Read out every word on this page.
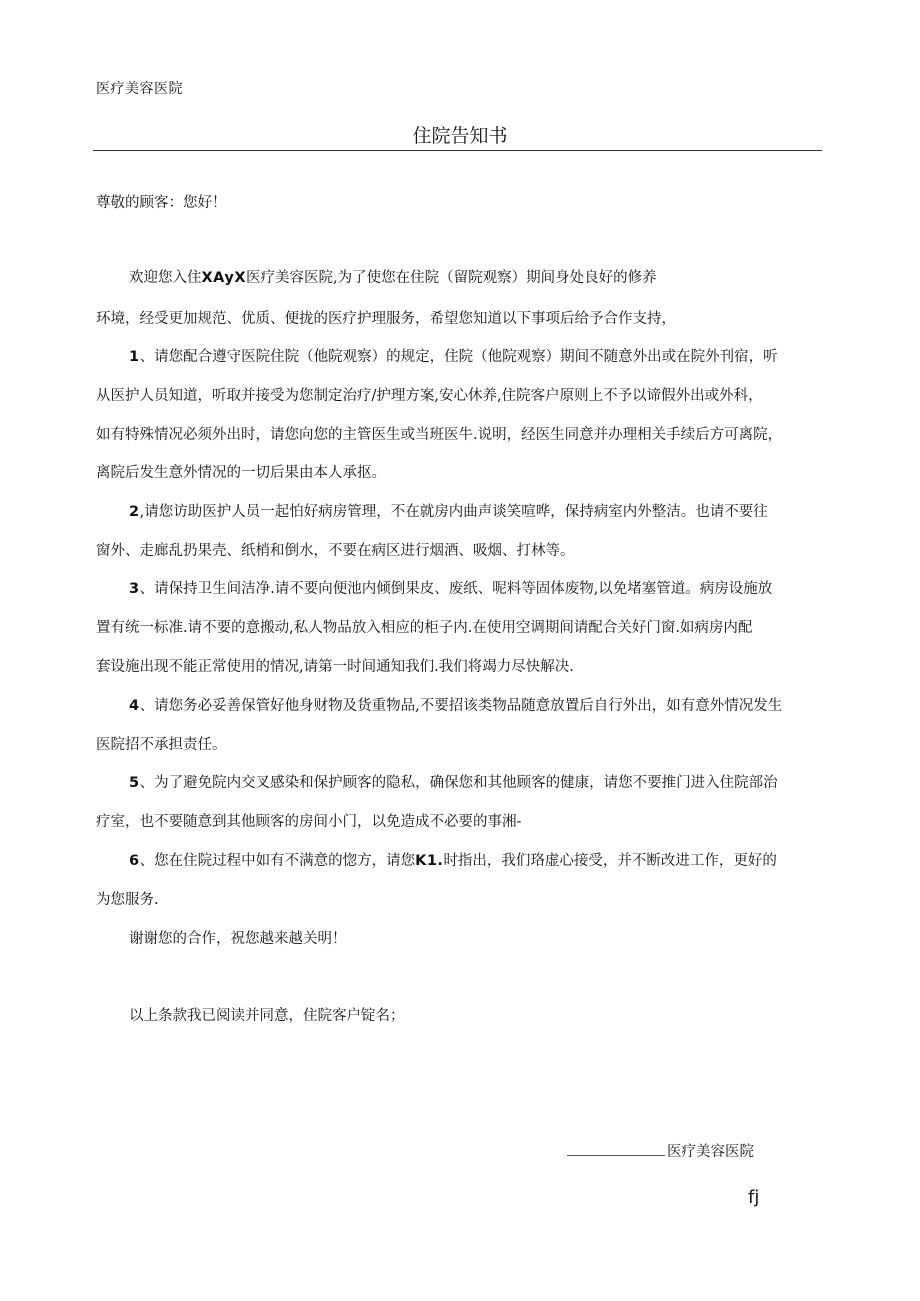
医疗美容医院
住院告知书
尊敬的顾客：您好！
欢迎您入住XAyX医疗美容医院,为了使您在住院（留院观察）期间身处良好的修养
环境，经受更加规范、优质、便拢的医疗护理服务，希望您知道以下事项后给予合作支持，
1、请您配合遵守医院住院（他院观察）的规定，住院（他院观察）期间不随意外出或在院外刊宿，听
从医护人员知道，听取并接受为您制定治疗/护理方案,安心休养,住院客户原则上不予以谛假外出或外科，
如有特殊情况必须外出时，请您向您的主管医生或当班医牛.说明，经医生同意并办理相关手续后方可离院，
离院后发生意外情况的一切后果由本人承抠。
2,请您访助医护人员一起怕好病房管理，不在就房内曲声谈笑喧哗，保持病室内外整洁。也请不要往
窗外、走廊乱扔果壳、纸梢和倒水，不要在病区进行烟酒、吸烟、打林等。
3、请保持卫生间洁净.请不要向便池内倾倒果皮、废纸、呢料等固体废物,以免堵塞管道。病房设施放
置有统一标准.请不要的意搬动,私人物品放入相应的柜子内.在使用空调期间请配合关好门窗.如病房内配
套设施出现不能正常使用的情况,请第一时间通知我们.我们将竭力尽快解决.
4、请您务必妥善保管好他身财物及货重物品,不要招该类物品随意放置后自行外出，如有意外情况发生
医院招不承担责任。
5、为了避免院内交叉感染和保护顾客的隐私，确保您和其他顾客的健康，请您不要推门进入住院部治
疗室，也不要随意到其他顾客的房间小门，以免造成不必要的事湘-
6、您在住院过程中如有不满意的惚方，请您K1.时指出，我们珞虚心接受，并不断改进工作，更好的
为您服务.
谢谢您的合作，祝您越来越关明！
以上条款我已阅读并同意，住院客户锭名；
医疗美容医院
fj
